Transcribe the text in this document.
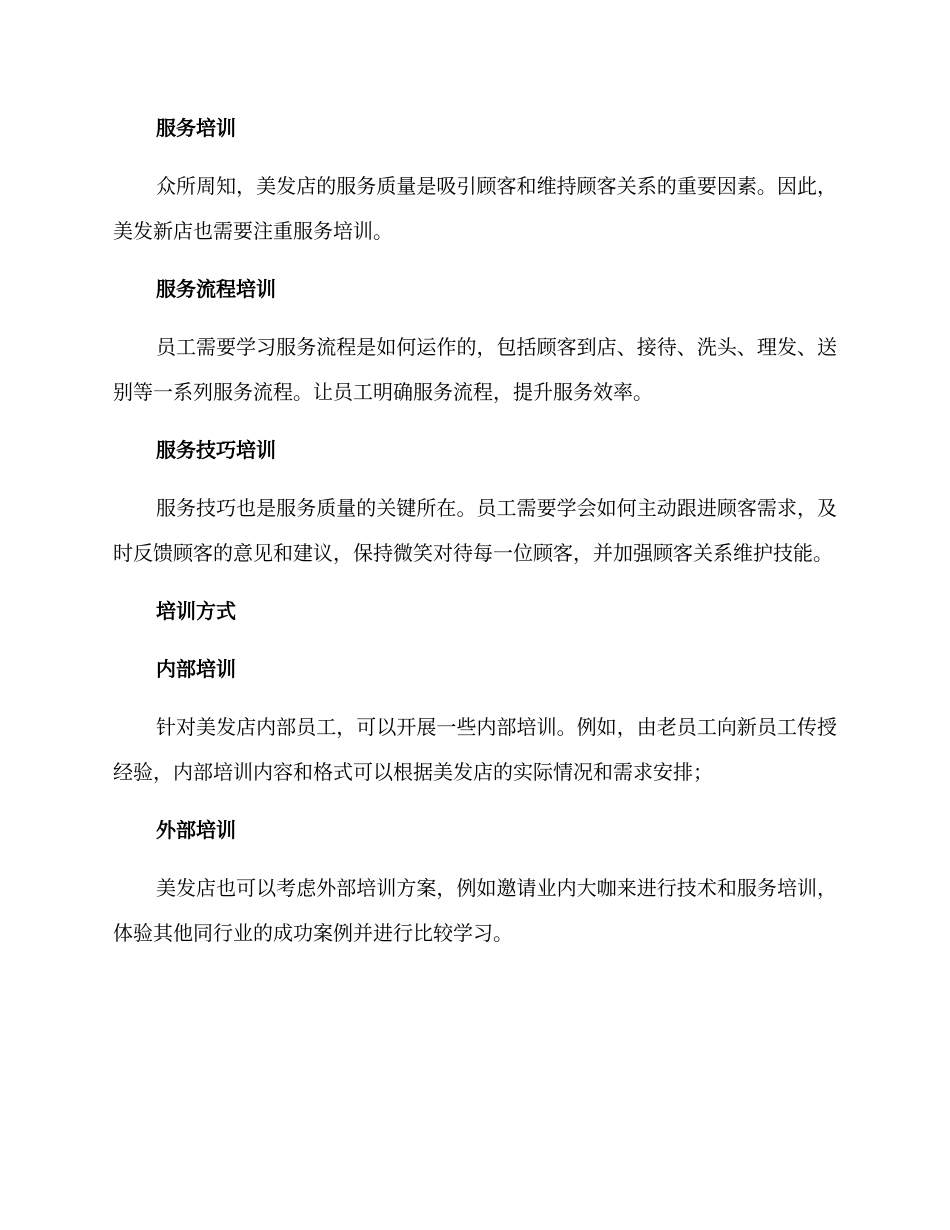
服务培训

众所周知，美发店的服务质量是吸引顾客和维持顾客关系的重要因素。因此，美发新店也需要注重服务培训。

服务流程培训

员工需要学习服务流程是如何运作的，包括顾客到店、接待、洗头、理发、送别等一系列服务流程。让员工明确服务流程，提升服务效率。

服务技巧培训

服务技巧也是服务质量的关键所在。员工需要学会如何主动跟进顾客需求，及时反馈顾客的意见和建议，保持微笑对待每一位顾客，并加强顾客关系维护技能。

培训方式
内部培训

针对美发店内部员工，可以开展一些内部培训。例如，由老员工向新员工传授经验，内部培训内容和格式可以根据美发店的实际情况和需求安排；

外部培训

美发店也可以考虑外部培训方案，例如邀请业内大咖来进行技术和服务培训，体验其他同行业的成功案例并进行比较学习。
